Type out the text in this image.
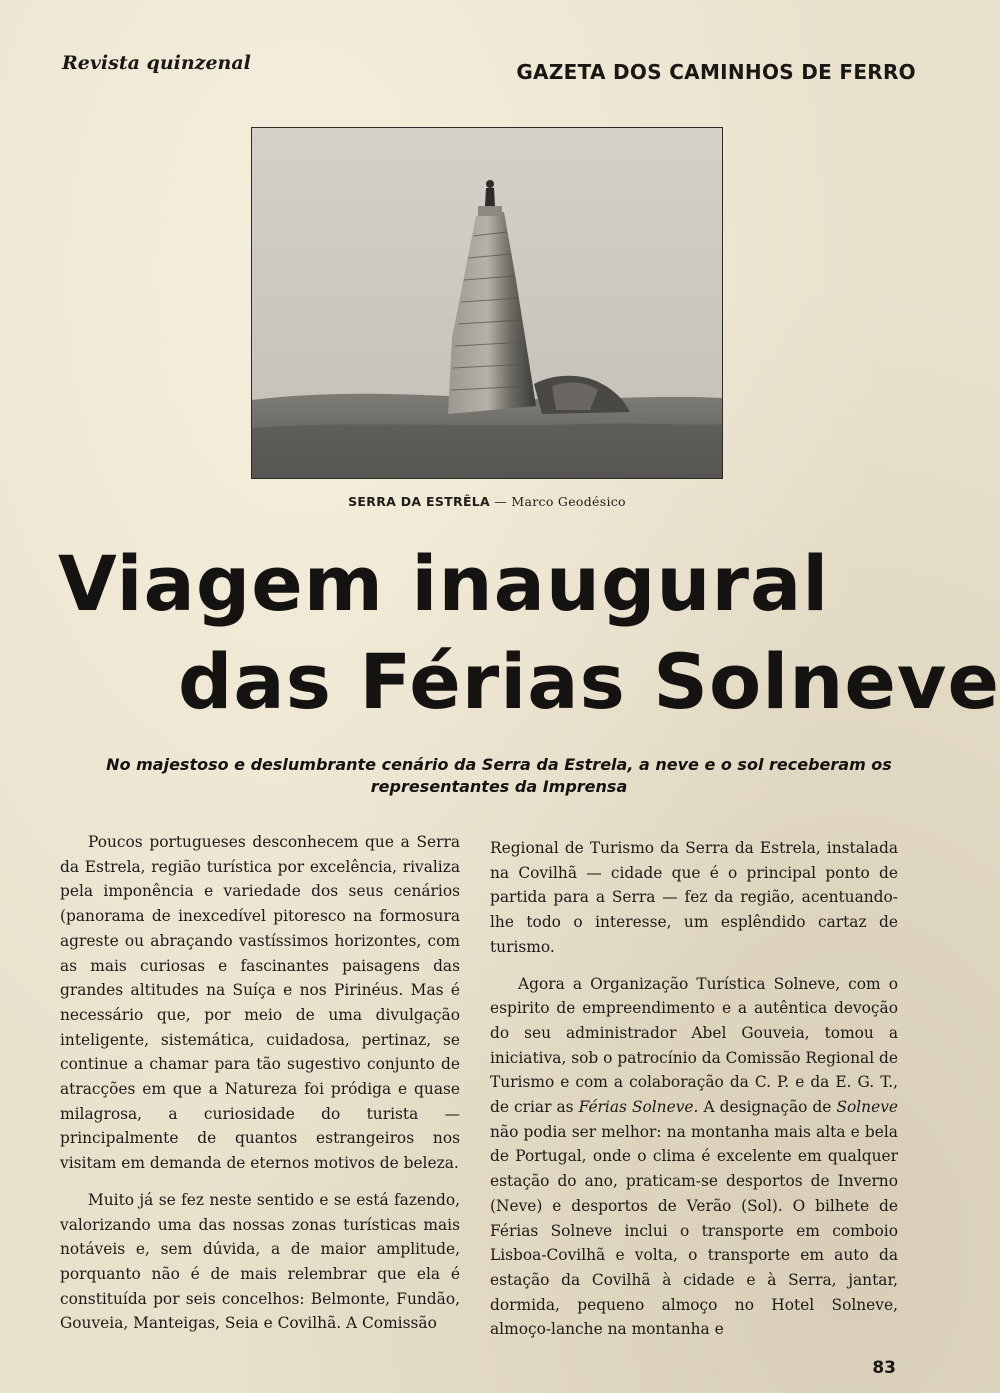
Revista quinzenal	GAZETA DOS CAMINHOS DE FERRO
SERRA DA ESTRÊLA — Marco Geodésico
Viagem inaugural
das Férias Solneve
No majestoso e deslumbrante cenário da Serra da Estrela, a neve e o sol receberam os representantes da Imprensa

Poucos portugueses desconhecem que a Serra da Estrela, região turística por excelência, rivaliza pela imponência e variedade dos seus cenários (panorama de inexcedível pitoresco na formosura agreste ou abraçando vastíssimos horizontes, com as mais curiosas e fascinantes paisagens das grandes altitudes na Suíça e nos Pirinéus. Mas é necessário que, por meio de uma divulgação inteligente, sistemática, cuidadosa, pertinaz, se continue a chamar para tão sugestivo conjunto de atracções em que a Natureza foi pródiga e quase milagrosa, a curiosidade do turista — principalmente de quantos estrangeiros nos visitam em demanda de eternos motivos de beleza.

Muito já se fez neste sentido e se está fazendo, valorizando uma das nossas zonas turísticas mais notáveis e, sem dúvida, a de maior amplitude, porquanto não é de mais relembrar que ela é constituída por seis concelhos: Belmonte, Fundão, Gouveia, Manteigas, Seia e Covilhã. A Comissão

Regional de Turismo da Serra da Estrela, instalada na Covilhã — cidade que é o principal ponto de partida para a Serra — fez da região, acentuando-lhe todo o interesse, um esplêndido cartaz de turismo.

Agora a Organização Turística Solneve, com o espirito de empreendimento e a autêntica devoção do seu administrador Abel Gouveia, tomou a iniciativa, sob o patrocínio da Comissão Regional de Turismo e com a colaboração da C. P. e da E. G. T., de criar as Férias Solneve. A designação de Solneve não podia ser melhor: na montanha mais alta e bela de Portugal, onde o clima é excelente em qualquer estação do ano, praticam-se desportos de Inverno (Neve) e desportos de Verão (Sol). O bilhete de Férias Solneve inclui o transporte em comboio Lisboa-Covilhã e volta, o transporte em auto da estação da Covilhã à cidade e à Serra, jantar, dormida, pequeno almoço no Hotel Solneve, almoço-lanche na montanha e

83
